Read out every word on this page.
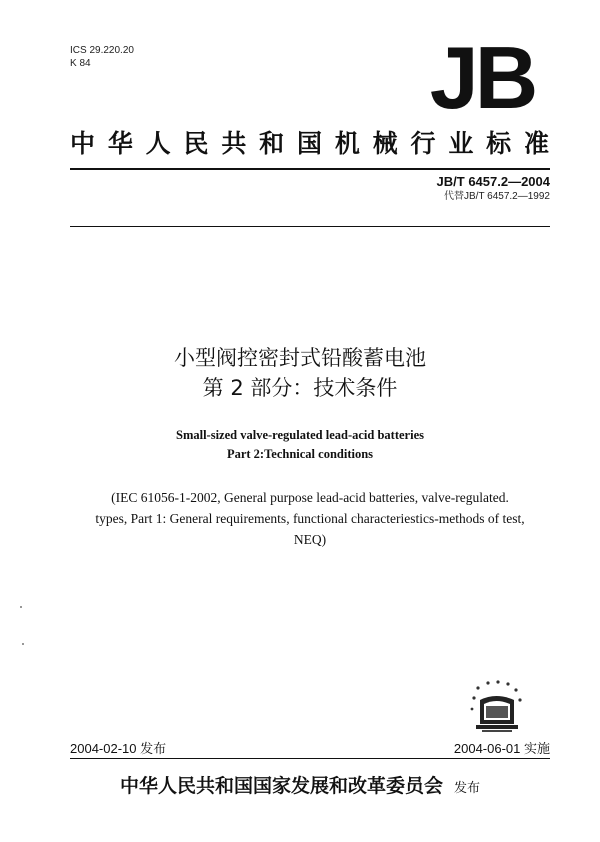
ICS 29.220.20
K 84	JB
中华人民共和国机械行业标准
JB/T 6457.2—2004
代替JB/T 6457.2—1992
小型阀控密封式铅酸蓄电池
第 2 部分：技术条件
Small-sized valve-regulated lead-acid batteries
Part 2:Technical conditions
(IEC 61056-1-2002, General purpose lead-acid batteries, valve-regulated. types, Part 1: General requirements, functional characteriestics-methods of test, NEQ)
2004-02-10 发布	2004-06-01 实施
中华人民共和国国家发展和改革委员会 发布
